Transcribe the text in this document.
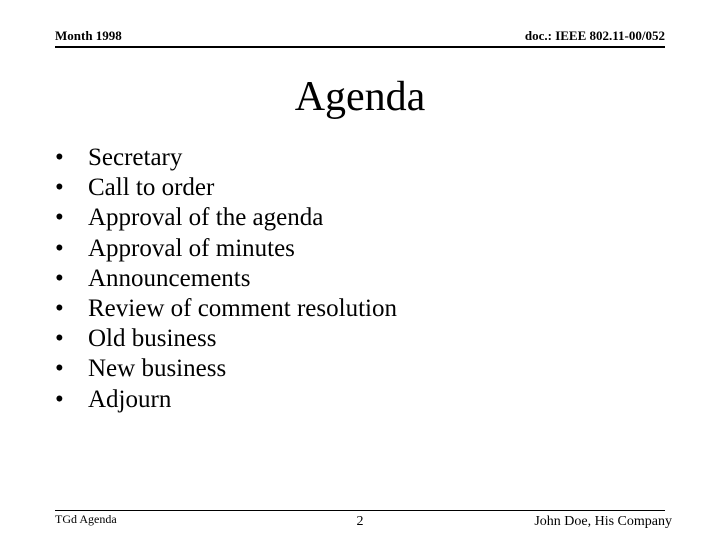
Month 1998	doc.: IEEE 802.11-00/052
Agenda
• Secretary
• Call to order
• Approval of the agenda
• Approval of minutes
• Announcements
• Review of comment resolution
• Old business
• New business
• Adjourn
TGd Agenda	2	John Doe, His Company
